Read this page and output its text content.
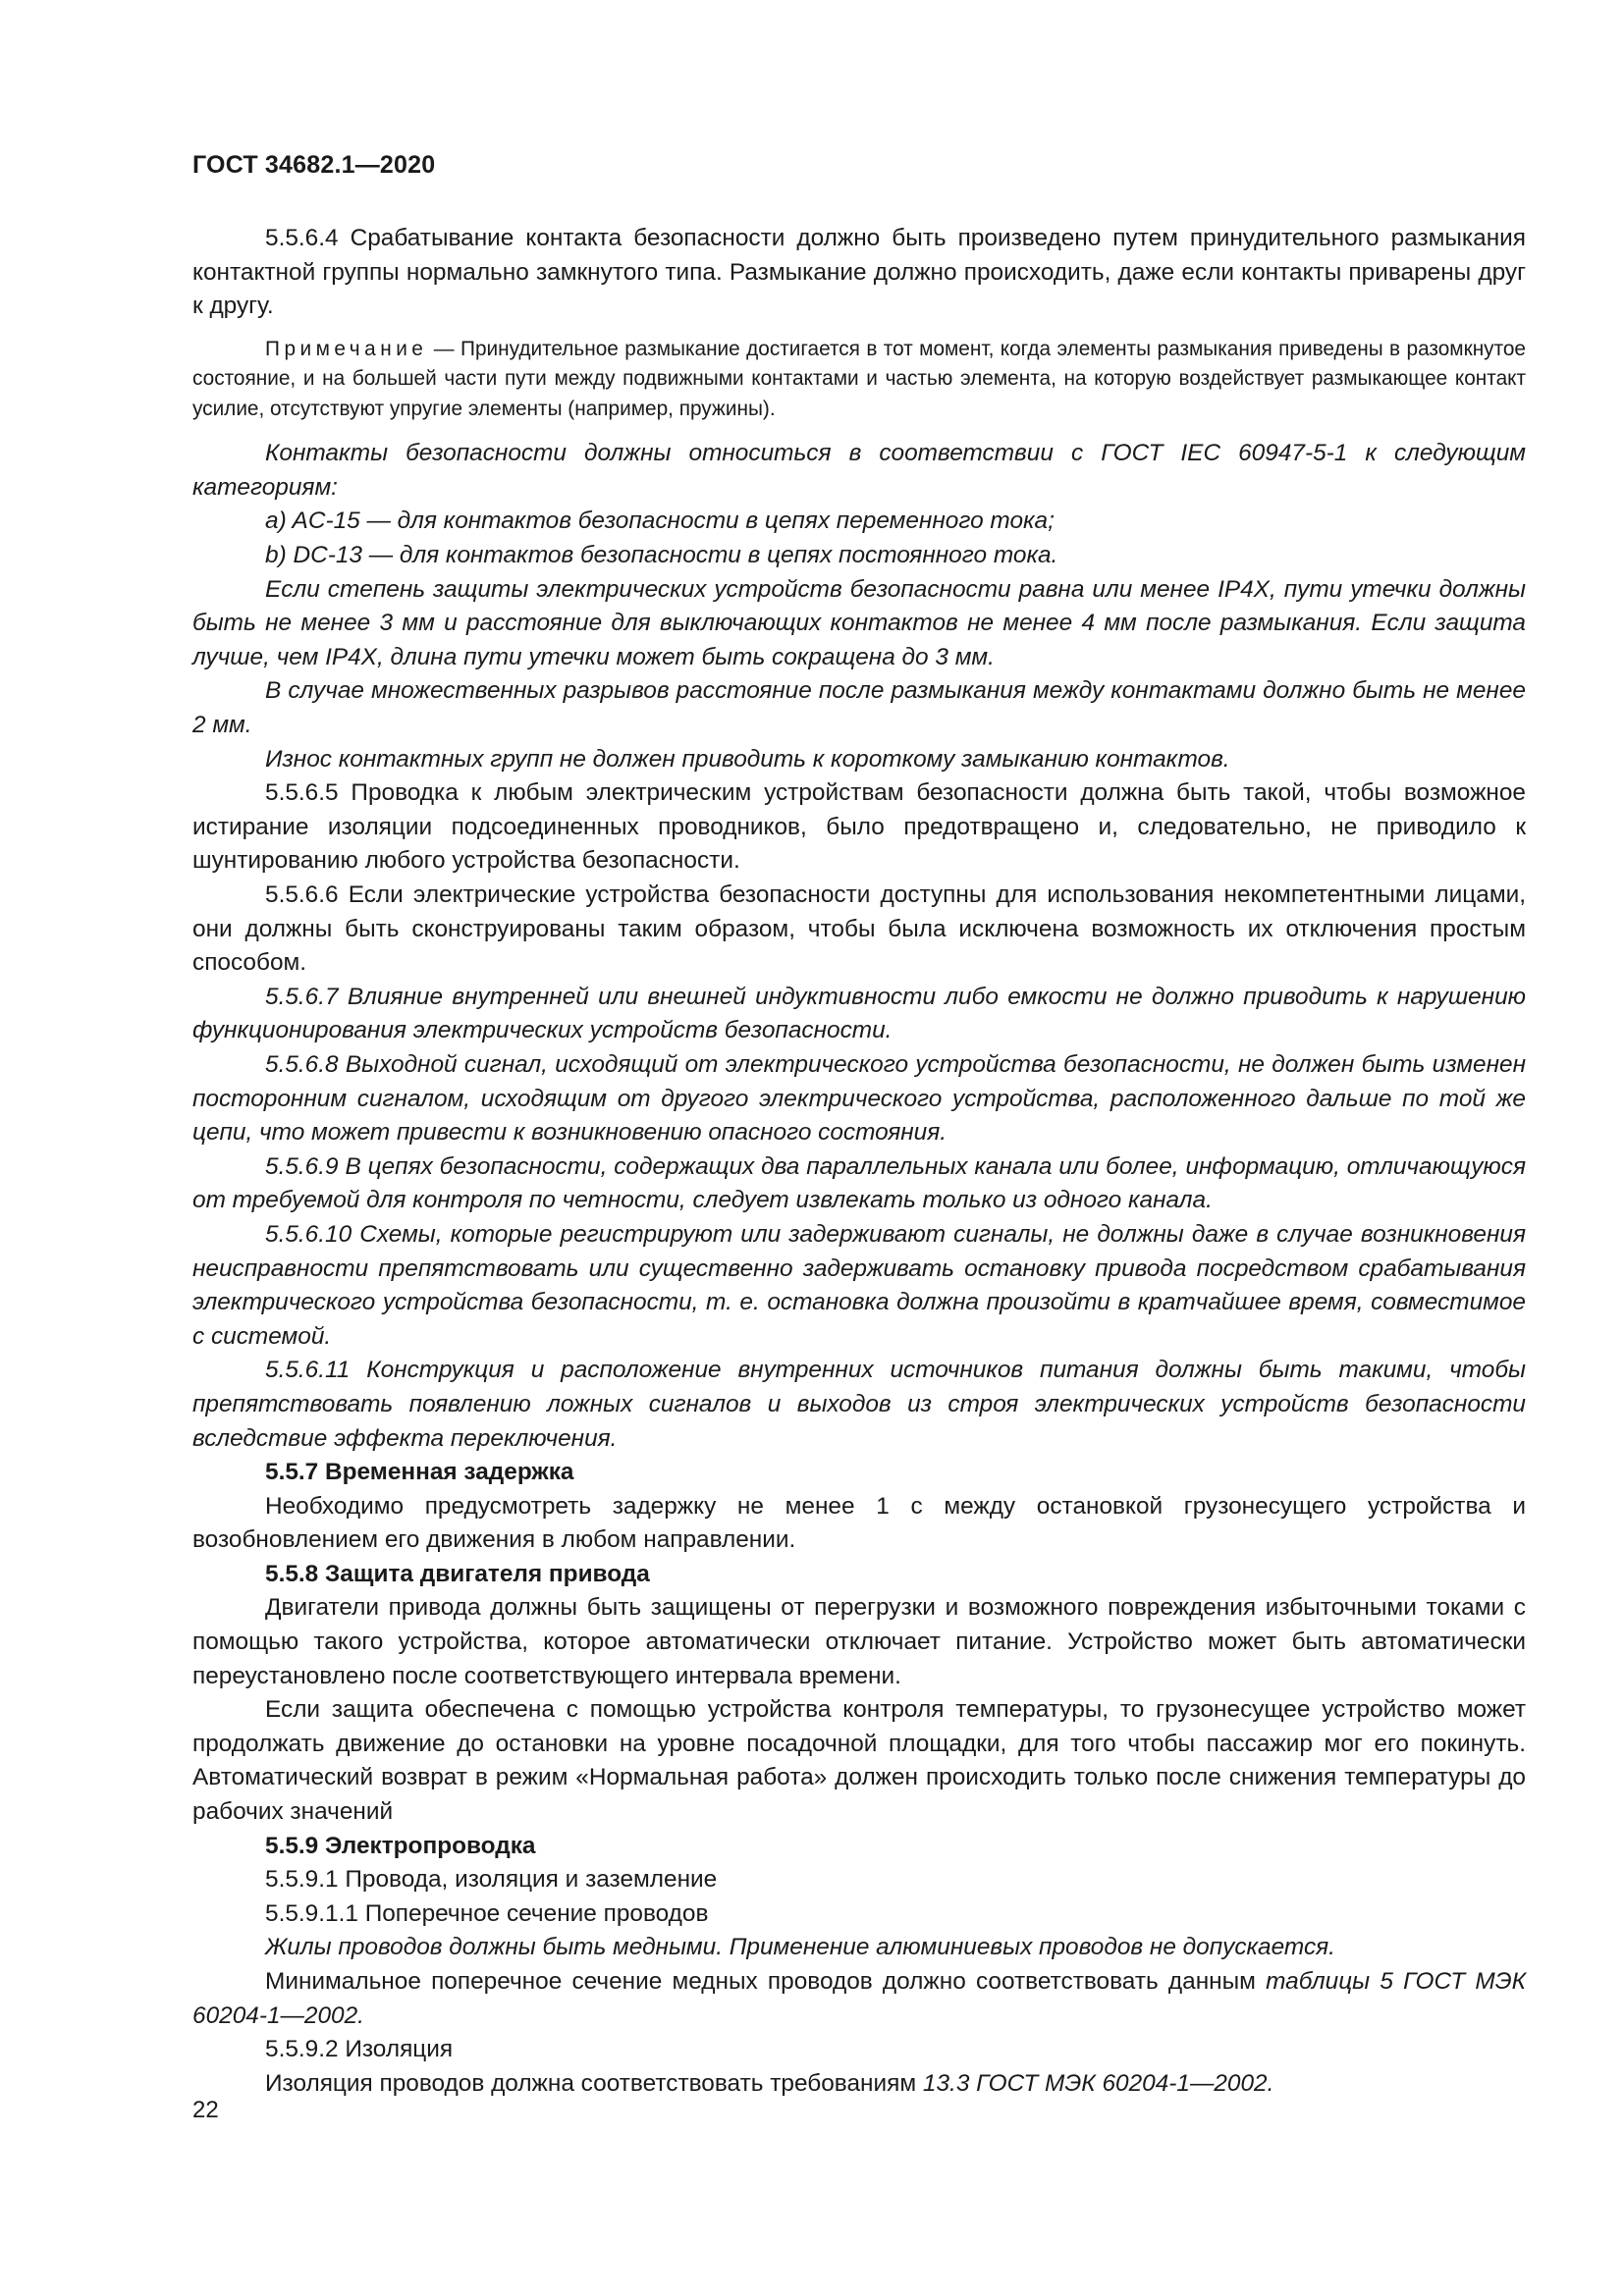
ГОСТ 34682.1—2020

5.5.6.4 Срабатывание контакта безопасности должно быть произведено путем принудительного размыкания контактной группы нормально замкнутого типа. Размыкание должно происходить, даже если контакты приварены друг к другу.

Примечание — Принудительное размыкание достигается в тот момент, когда элементы размыкания приведены в разомкнутое состояние, и на большей части пути между подвижными контактами и частью элемента, на которую воздействует размыкающее контакт усилие, отсутствуют упругие элементы (например, пружины).

Контакты безопасности должны относиться в соответствии с ГОСТ IEC 60947-5-1 к следующим категориям:

a) AC-15 — для контактов безопасности в цепях переменного тока;

b) DC-13 — для контактов безопасности в цепях постоянного тока.

Если степень защиты электрических устройств безопасности равна или менее IP4X, пути утечки должны быть не менее 3 мм и расстояние для выключающих контактов не менее 4 мм после размыкания. Если защита лучше, чем IP4X, длина пути утечки может быть сокращена до 3 мм.

В случае множественных разрывов расстояние после размыкания между контактами должно быть не менее 2 мм.

Износ контактных групп не должен приводить к короткому замыканию контактов.

5.5.6.5 Проводка к любым электрическим устройствам безопасности должна быть такой, чтобы возможное истирание изоляции подсоединенных проводников, было предотвращено и, следовательно, не приводило к шунтированию любого устройства безопасности.

5.5.6.6 Если электрические устройства безопасности доступны для использования некомпетентными лицами, они должны быть сконструированы таким образом, чтобы была исключена возможность их отключения простым способом.

5.5.6.7 Влияние внутренней или внешней индуктивности либо емкости не должно приводить к нарушению функционирования электрических устройств безопасности.

5.5.6.8 Выходной сигнал, исходящий от электрического устройства безопасности, не должен быть изменен посторонним сигналом, исходящим от другого электрического устройства, расположенного дальше по той же цепи, что может привести к возникновению опасного состояния.

5.5.6.9 В цепях безопасности, содержащих два параллельных канала или более, информацию, отличающуюся от требуемой для контроля по четности, следует извлекать только из одного канала.

5.5.6.10 Схемы, которые регистрируют или задерживают сигналы, не должны даже в случае возникновения неисправности препятствовать или существенно задерживать остановку привода посредством срабатывания электрического устройства безопасности, т. е. остановка должна произойти в кратчайшее время, совместимое с системой.

5.5.6.11 Конструкция и расположение внутренних источников питания должны быть такими, чтобы препятствовать появлению ложных сигналов и выходов из строя электрических устройств безопасности вследствие эффекта переключения.

5.5.7 Временная задержка

Необходимо предусмотреть задержку не менее 1 с между остановкой грузонесущего устройства и возобновлением его движения в любом направлении.

5.5.8 Защита двигателя привода

Двигатели привода должны быть защищены от перегрузки и возможного повреждения избыточными токами с помощью такого устройства, которое автоматически отключает питание. Устройство может быть автоматически переустановлено после соответствующего интервала времени.

Если защита обеспечена с помощью устройства контроля температуры, то грузонесущее устройство может продолжать движение до остановки на уровне посадочной площадки, для того чтобы пассажир мог его покинуть. Автоматический возврат в режим «Нормальная работа» должен происходить только после снижения температуры до рабочих значений

5.5.9 Электропроводка

5.5.9.1 Провода, изоляция и заземление

5.5.9.1.1 Поперечное сечение проводов

Жилы проводов должны быть медными. Применение алюминиевых проводов не допускается.

Минимальное поперечное сечение медных проводов должно соответствовать данным таблицы 5 ГОСТ МЭК 60204-1—2002.

5.5.9.2 Изоляция

Изоляция проводов должна соответствовать требованиям 13.3 ГОСТ МЭК 60204-1—2002.

22
